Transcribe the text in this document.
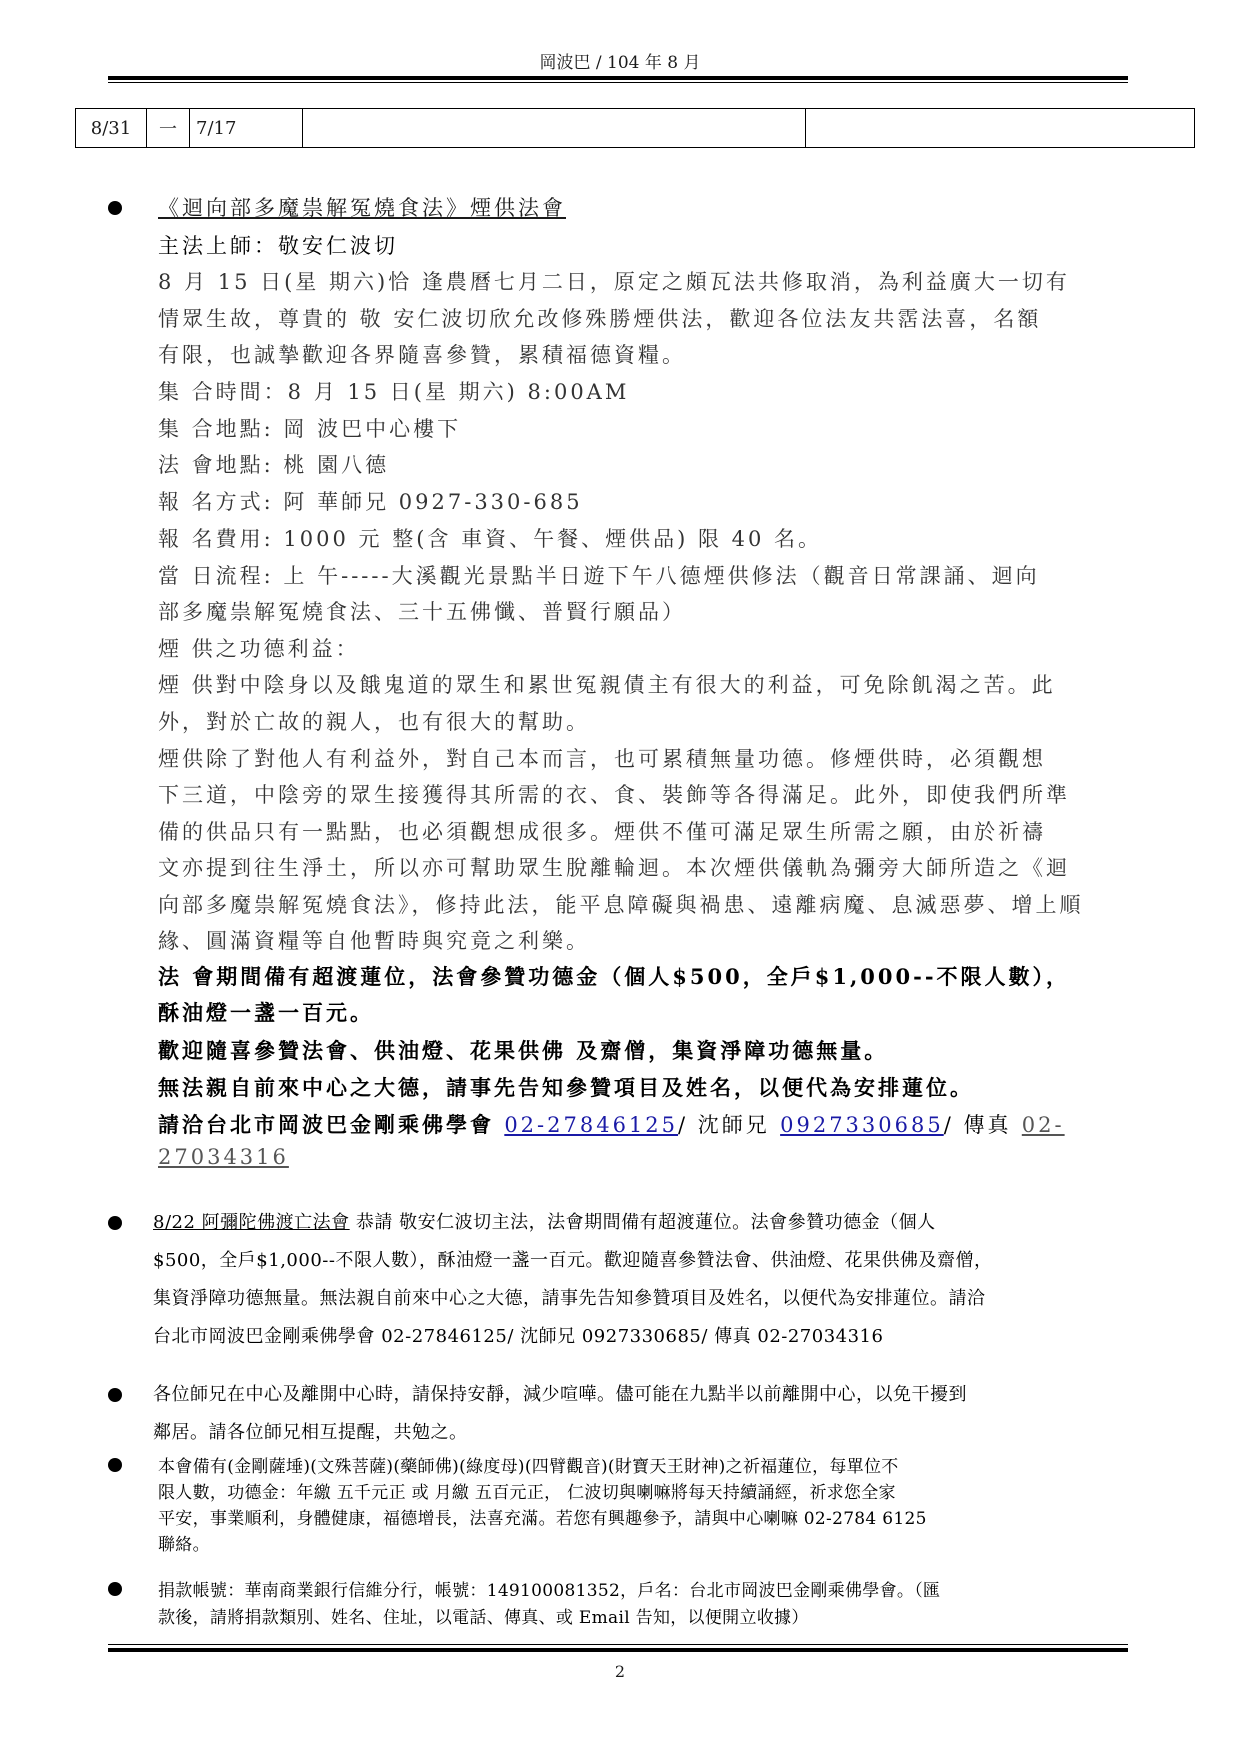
岡波巴 / 104 年 8 月
8/31	一	7/17		
《迴向部多魔祟解冤燒食法》煙供法會
主法上師：敬安仁波切
8 月 15 日(星 期六)恰 逢農曆七月二日，原定之頗瓦法共修取消，為利益廣大一切有
情眾生故，尊貴的 敬 安仁波切欣允改修殊勝煙供法，歡迎各位法友共霑法喜，名額
有限，也誠摯歡迎各界隨喜參贊，累積福德資糧。
集 合時間：8 月 15 日(星 期六) 8:00AM
集 合地點: 岡 波巴中心樓下
法 會地點: 桃 園八德
報 名方式: 阿 華師兄 0927-330-685
報 名費用: 1000 元 整(含 車資、午餐、煙供品) 限 40 名。
當 日流程: 上 午-----大溪觀光景點半日遊下午八德煙供修法（觀音日常課誦、迴向
部多魔祟解冤燒食法、三十五佛懺、普賢行願品）
煙 供之功德利益：
煙 供對中陰身以及餓鬼道的眾生和累世冤親債主有很大的利益，可免除飢渴之苦。此
外，對於亡故的親人，也有很大的幫助。
煙供除了對他人有利益外，對自己本而言，也可累積無量功德。修煙供時，必須觀想
下三道，中陰旁的眾生接獲得其所需的衣、食、裝飾等各得滿足。此外，即使我們所準
備的供品只有一點點，也必須觀想成很多。煙供不僅可滿足眾生所需之願，由於祈禱
文亦提到往生淨土，所以亦可幫助眾生脫離輪迴。本次煙供儀軌為彌旁大師所造之《迴
向部多魔祟解冤燒食法》，修持此法，能平息障礙與禍患、遠離病魔、息滅惡夢、增上順
緣、圓滿資糧等自他暫時與究竟之利樂。
法 會期間備有超渡蓮位，法會參贊功德金（個人$500，全戶$1,000--不限人數），
酥油燈一盞一百元。
歡迎隨喜參贊法會、供油燈、花果供佛 及齋僧，集資淨障功德無量。
無法親自前來中心之大德，請事先告知參贊項目及姓名，以便代為安排蓮位。
請洽台北市岡波巴金剛乘佛學會 02-27846125/ 沈師兄 0927330685/ 傳真 02-
27034316
8/22 阿彌陀佛渡亡法會 恭請 敬安仁波切主法，法會期間備有超渡蓮位。法會參贊功德金（個人
$500，全戶$1,000--不限人數），酥油燈一盞一百元。歡迎隨喜參贊法會、供油燈、花果供佛及齋僧，
集資淨障功德無量。無法親自前來中心之大德，請事先告知參贊項目及姓名，以便代為安排蓮位。請洽
台北市岡波巴金剛乘佛學會 02-27846125/ 沈師兄 0927330685/ 傳真 02-27034316
各位師兄在中心及離開中心時，請保持安靜，減少喧嘩。儘可能在九點半以前離開中心，以免干擾到
鄰居。請各位師兄相互提醒，共勉之。
本會備有(金剛薩埵)(文殊菩薩)(藥師佛)(綠度母)(四臂觀音)(財寶天王財神)之祈福蓮位，每單位不
限人數，功德金：年繳 五千元正 或 月繳 五百元正， 仁波切與喇嘛將每天持續誦經，祈求您全家
平安，事業順利，身體健康，福德增長，法喜充滿。若您有興趣參予，請與中心喇嘛 02-2784 6125
聯絡。
捐款帳號：華南商業銀行信維分行，帳號：149100081352，戶名：台北市岡波巴金剛乘佛學會。（匯
款後，請將捐款類別、姓名、住址，以電話、傳真、或 Email 告知，以便開立收據）
2
